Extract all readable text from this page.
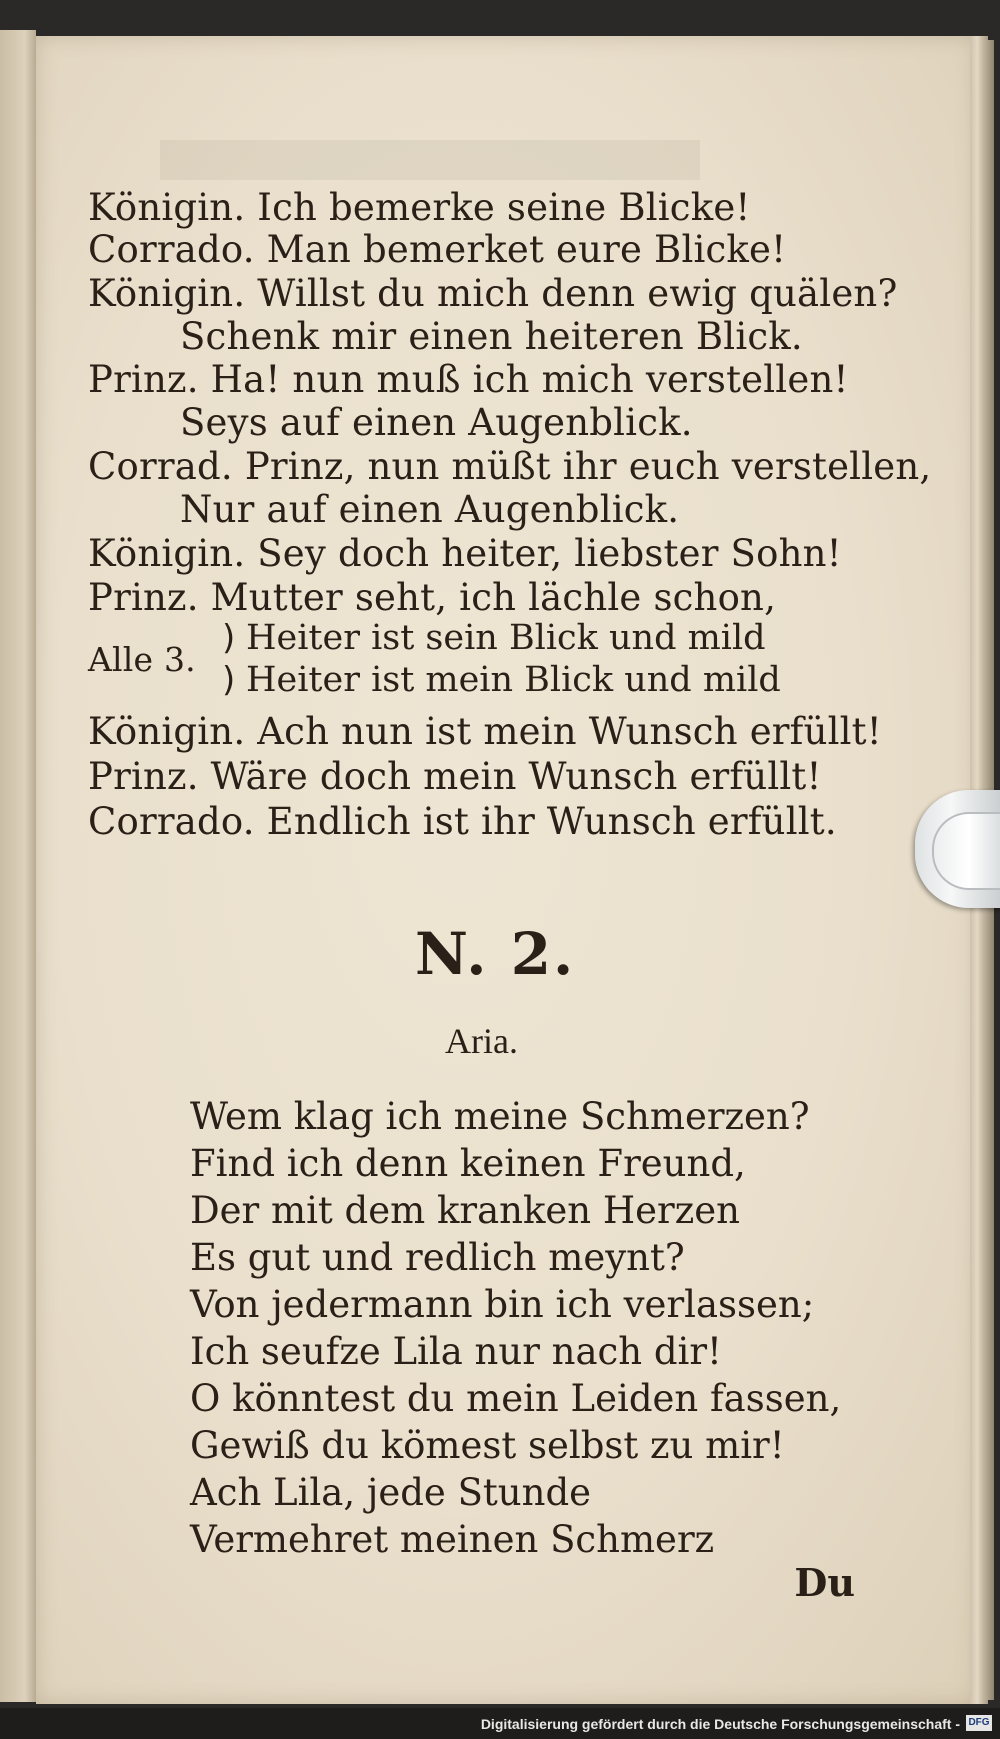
Königin. Ich bemerke seine Blicke!
Corrado. Man bemerket eure Blicke!
Königin. Willst du mich denn ewig quälen?
Schenk mir einen heiteren Blick.
Prinz. Ha! nun muß ich mich verstellen!
Seys auf einen Augenblick.
Corrad. Prinz, nun müßt ihr euch verstellen,
Nur auf einen Augenblick.
Königin. Sey doch heiter, liebster Sohn!
Prinz. Mutter seht, ich lächle schon,
Alle 3.
)
)
Heiter ist sein Blick und mild
Heiter ist mein Blick und mild
Königin. Ach nun ist mein Wunsch erfüllt!
Prinz. Wäre doch mein Wunsch erfüllt!
Corrado. Endlich ist ihr Wunsch erfüllt.
N. 2.
Aria.
Wem klag ich meine Schmerzen?
Find ich denn keinen Freund,
Der mit dem kranken Herzen
Es gut und redlich meynt?
Von jedermann bin ich verlassen;
Ich seufze Lila nur nach dir!
O könntest du mein Leiden fassen,
Gewiß du kömest selbst zu mir!
Ach Lila, jede Stunde
Vermehret meinen Schmerz
Du
Digitalisierung gefördert durch die Deutsche Forschungsgemeinschaft - DFG
